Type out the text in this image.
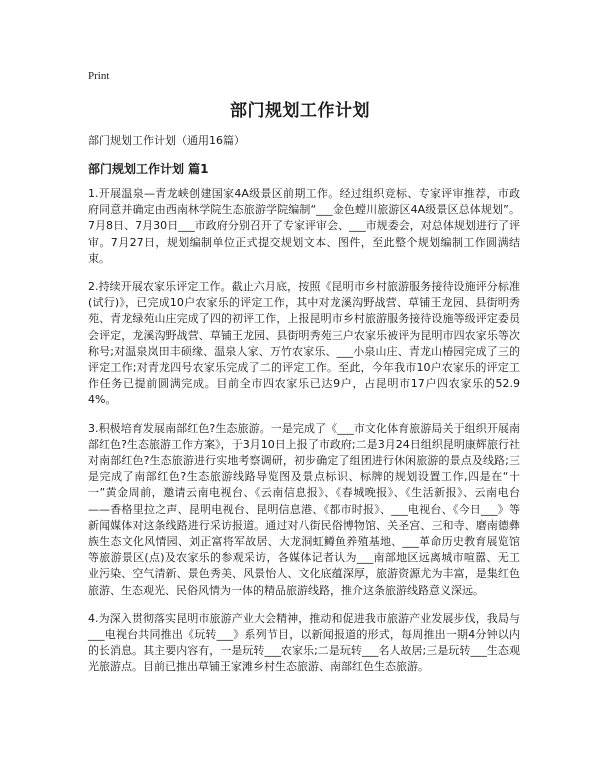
Print
部门规划工作计划

部门规划工作计划（通用16篇）

部门规划工作计划 篇1

1.开展温泉—青龙峡创建国家4A级景区前期工作。经过组织竞标、专家评审推荐，市政府同意并确定由西南林学院生态旅游学院编制“___金色螳川旅游区4A级景区总体规划”。7月8日、7月30日___市政府分别召开了专家评审会、___市规委会，对总体规划进行了评审。7月27日，规划编制单位正式提交规划文本、图件，至此整个规划编制工作圆满结束。

2.持续开展农家乐评定工作。截止六月底，按照《昆明市乡村旅游服务接待设施评分标准(试行)》，已完成10户农家乐的评定工作，其中对龙溪沟野战营、草铺王龙园、县街明秀苑、青龙绿苑山庄完成了四的初评工作，上报昆明市乡村旅游服务接待设施等级评定委员会评定，龙溪沟野战营、草铺王龙园、县街明秀苑三户农家乐被评为昆明市四农家乐等次称号;对温泉岚田丰硕缘、温泉人家、万竹农家乐、___小泉山庄、青龙山椿园完成了三的评定工作;对青龙四号农家乐完成了二的评定工作。至此，今年我市10户农家乐的评定工作任务已提前圆满完成。目前全市四农家乐已达9户，占昆明市17户四农家乐的52.94%。

3.积极培育发展南部红色?生态旅游。一是完成了《___市文化体育旅游局关于组织开展南部红色?生态旅游工作方案》，于3月10日上报了市政府;二是3月24日组织昆明康辉旅行社对南部红色?生态旅游进行实地考察调研，初步确定了组团进行休闲旅游的景点及线路;三是完成了南部红色?生态旅游线路导览图及景点标识、标牌的规划设置工作,四是在“十一”黄金周前，邀请云南电视台、《云南信息报》、《春城晚报》、《生活新报》、云南电台——香格里拉之声、昆明电视台、昆明信息港、《都市时报》、___电视台、《今日___》等新闻媒体对这条线路进行采访报道。通过对八街民俗博物馆、关圣宫、三和寺、磨南德彝族生态文化风情园、刘正富将军故居、大龙洞虹鳟鱼养殖基地、___革命历史教育展览馆等旅游景区(点)及农家乐的参观采访，各媒体记者认为___南部地区远离城市喧嚣、无工业污染、空气清新、景色秀美、风景怡人、文化底蕴深厚，旅游资源尤为丰富，是集红色旅游、生态观光、民俗风情为一体的精品旅游线路，推介这条旅游线路意义深远。

4.为深入贯彻落实昆明市旅游产业大会精神，推动和促进我市旅游产业发展步伐，我局与___电视台共同推出《玩转___》系列节目，以新闻报道的形式，每周推出一期4分钟以内的长消息。其主要内容有，一是玩转___农家乐;二是玩转___名人故居;三是玩转___生态观光旅游点。目前已推出草铺王家滩乡村生态旅游、南部红色生态旅游。
